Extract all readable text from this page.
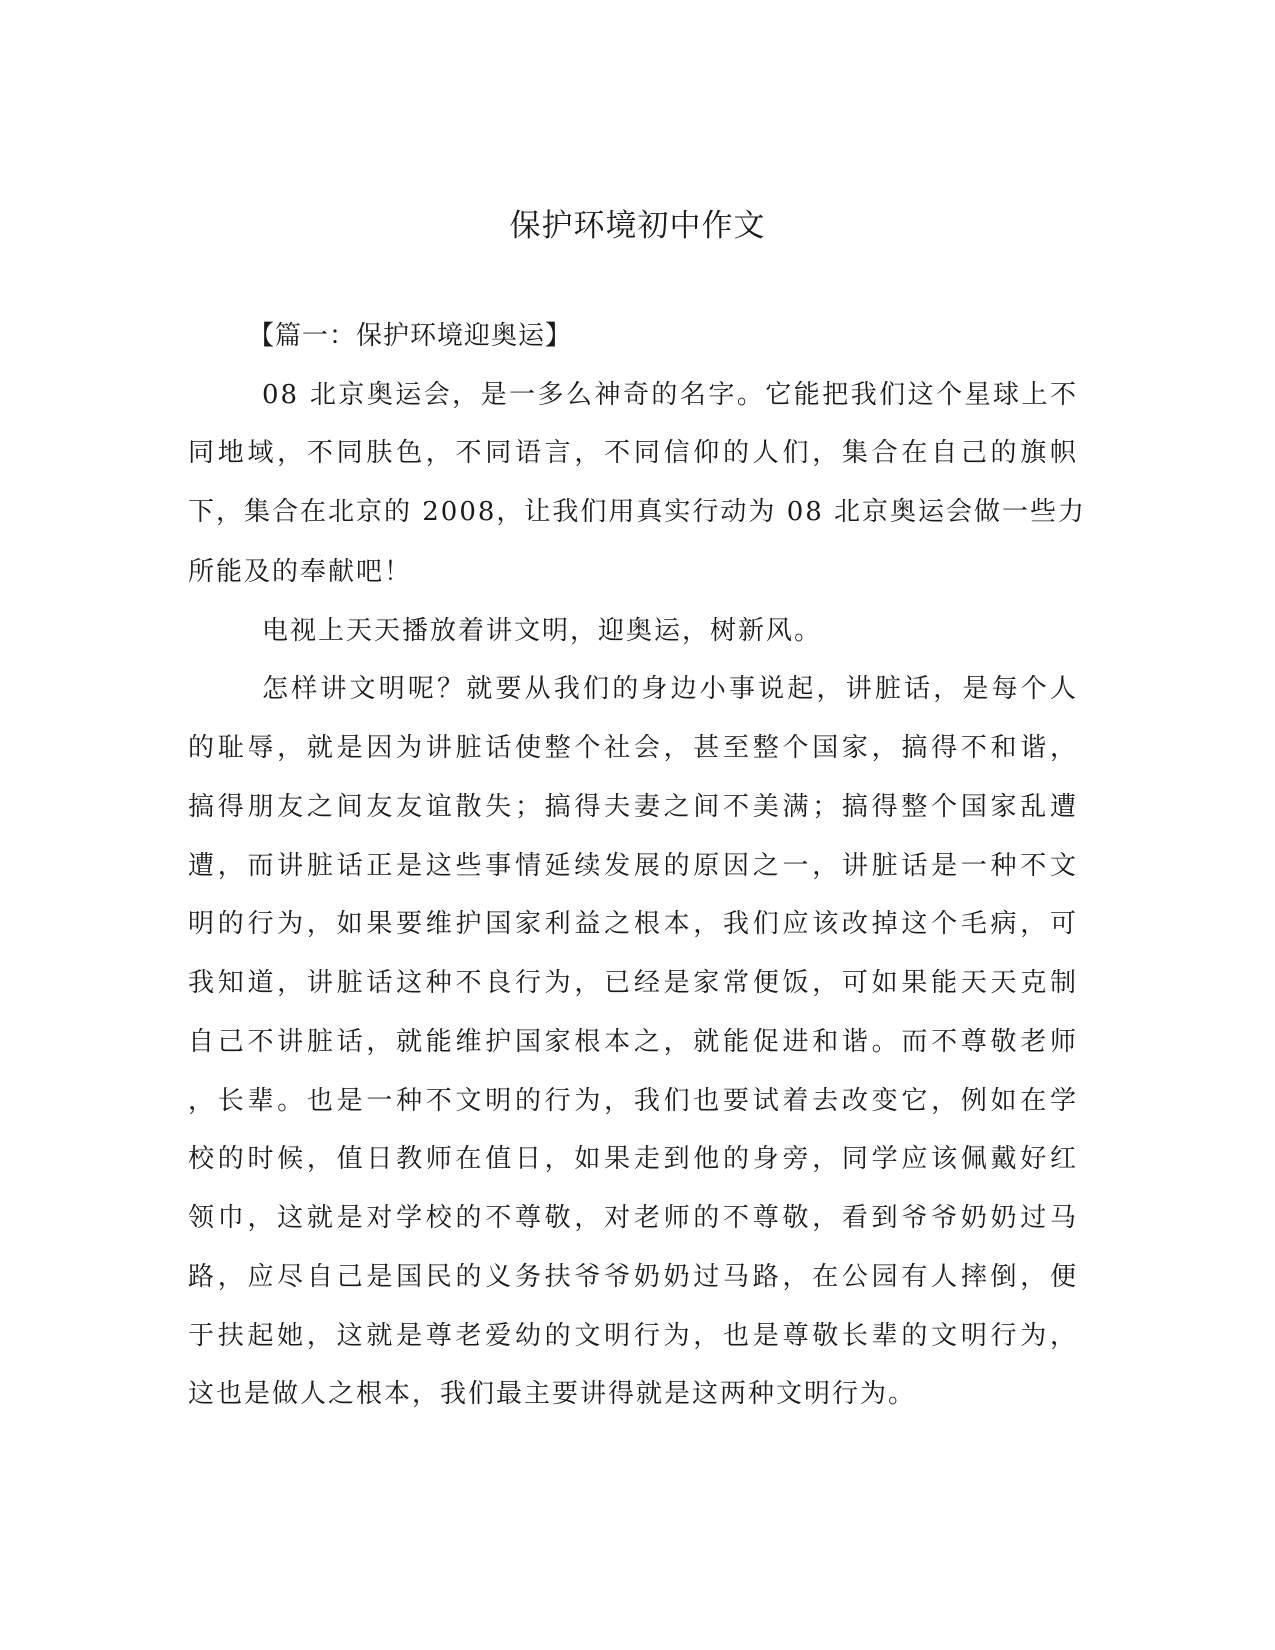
保护环境初中作文
【篇一：保护环境迎奥运】
08 北京奥运会，是一多么神奇的名字。它能把我们这个星球上不
同地域，不同肤色，不同语言，不同信仰的人们，集合在自己的旗帜
下，集合在北京的 2008，让我们用真实行动为 08 北京奥运会做一些力
所能及的奉献吧！
电视上天天播放着讲文明，迎奥运，树新风。
怎样讲文明呢？就要从我们的身边小事说起，讲脏话，是每个人
的耻辱，就是因为讲脏话使整个社会，甚至整个国家，搞得不和谐，
搞得朋友之间友友谊散失；搞得夫妻之间不美满；搞得整个国家乱遭
遭，而讲脏话正是这些事情延续发展的原因之一，讲脏话是一种不文
明的行为，如果要维护国家利益之根本，我们应该改掉这个毛病，可
我知道，讲脏话这种不良行为，已经是家常便饭，可如果能天天克制
自己不讲脏话，就能维护国家根本之，就能促进和谐。而不尊敬老师
，长辈。也是一种不文明的行为，我们也要试着去改变它，例如在学
校的时候，值日教师在值日，如果走到他的身旁，同学应该佩戴好红
领巾，这就是对学校的不尊敬，对老师的不尊敬，看到爷爷奶奶过马
路，应尽自己是国民的义务扶爷爷奶奶过马路，在公园有人摔倒，便
于扶起她，这就是尊老爱幼的文明行为，也是尊敬长辈的文明行为，
这也是做人之根本，我们最主要讲得就是这两种文明行为。
